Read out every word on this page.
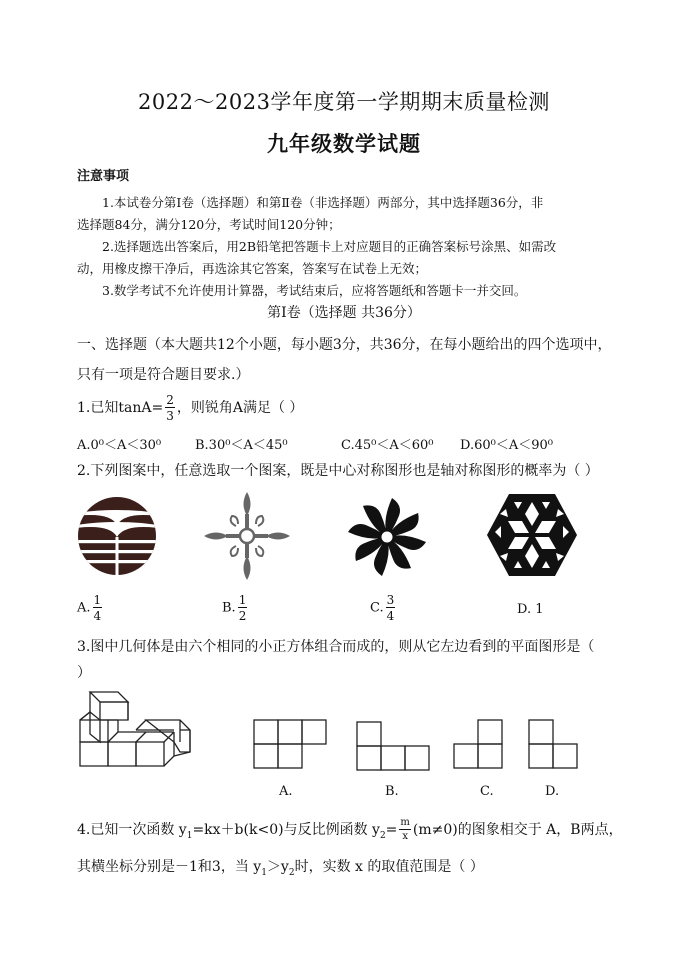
2022～2023学年度第一学期期末质量检测
九年级数学试题
注意事项
1.本试卷分第Ⅰ卷（选择题）和第Ⅱ卷（非选择题）两部分，其中选择题36分，非
选择题84分，满分120分，考试时间120分钟；
2.选择题选出答案后，用2B铅笔把答题卡上对应题目的正确答案标号涂黑、如需改
动，用橡皮擦干净后，再选涂其它答案，答案写在试卷上无效；
3.数学考试不允许使用计算器，考试结束后，应将答题纸和答题卡一并交回。
第Ⅰ卷（选择题 共36分）
一、选择题（本大题共12个小题，每小题3分，共36分，在每小题给出的四个选项中，
只有一项是符合题目要求.）
1.已知$\tan A= \frac{2}{3}$ ，则锐角A满足（ ）
A.0⁰＜A＜30⁰	B.30⁰＜A＜45⁰	C.45⁰＜A＜60⁰ D.60⁰＜A＜90⁰
2.下列图案中，任意选取一个图案，既是中心对称图形也是轴对称图形的概率为（ ）
A. $\frac{1}{4}$	B. $\frac{1}{2}$	C. $\frac{3}{4}$	D. 1
3.图中几何体是由六个相同的小正方体组合而成的，则从它左边看到的平面图形是（
）
A.	B.	C.	D.
4.已知一次函数 $y_1=kx+b(k<0)$与反比例函数 $y_2= \frac{m}{x} (m\ne 0)$的图象相交于 A，B两点，
其横坐标分别是－1和3，当 $y_1>y_2$时，实数 x 的取值范围是（ ）
